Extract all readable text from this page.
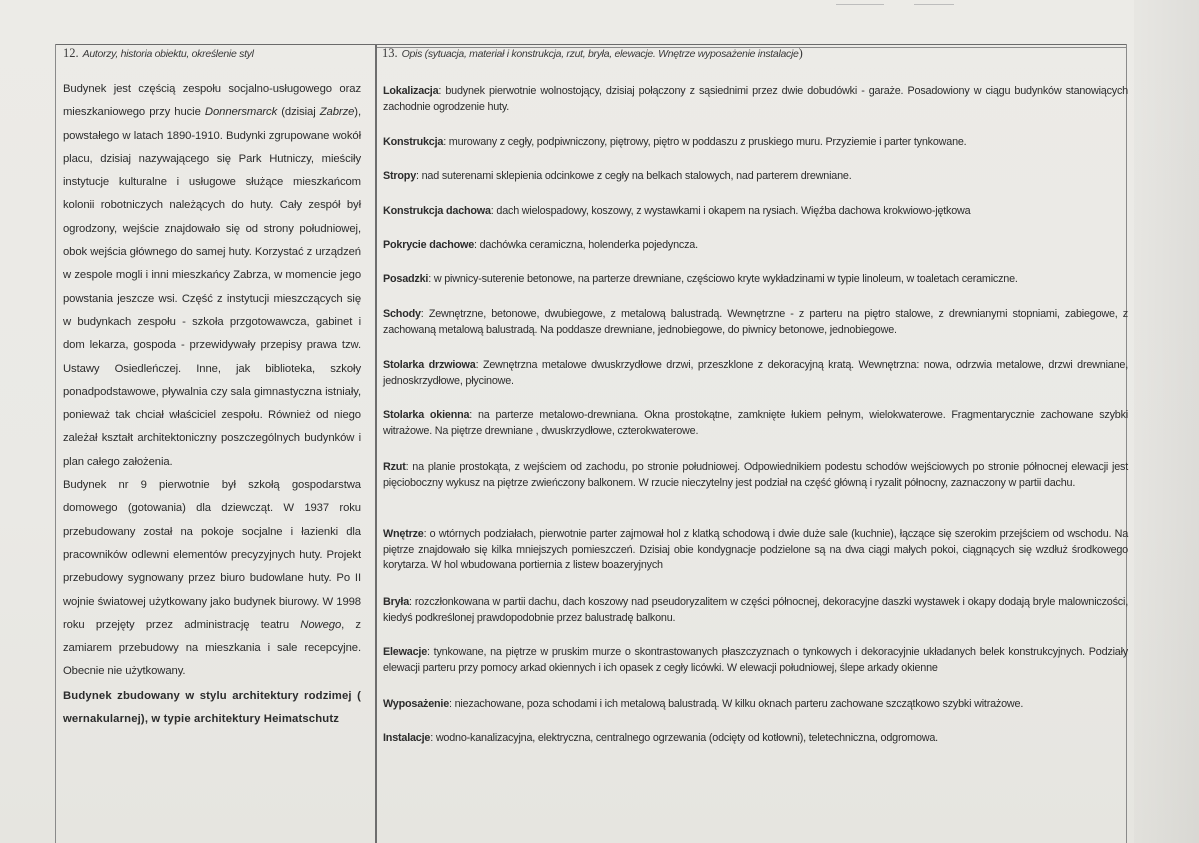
12. Autorzy, historia obiektu, określenie styl	13. Opis (sytuacja, materiał i konstrukcja, rzut, bryła, elewacje. Wnętrze wyposażenie instalacje)

Budynek jest częścią zespołu socjalno-usługowego oraz mieszkaniowego przy hucie Donnersmarck (dzisiaj Zabrze), powstałego w latach 1890-1910. Budynki zgrupowane wokół placu, dzisiaj nazywającego się Park Hutniczy, mieściły instytucje kulturalne i usługowe służące mieszkańcom kolonii robotniczych należących do huty. Cały zespół był ogrodzony, wejście znajdowało się od strony południowej, obok wejścia głównego do samej huty. Korzystać z urządzeń w zespole mogli i inni mieszkańcy Zabrza, w momencie jego powstania jeszcze wsi. Część z instytucji mieszczących się w budynkach zespołu - szkoła przgotowawcza, gabinet i dom lekarza, gospoda - przewidywały przepisy prawa tzw. Ustawy Osiedleńczej. Inne, jak biblioteka, szkoły ponadpodstawowe, pływalnia czy sala gimnastyczna istniały, ponieważ tak chciał właściciel zespołu. Również od niego zależał kształt architektoniczny poszczególnych budynków i plan całego założenia.

Budynek nr 9 pierwotnie był szkołą gospodarstwa domowego (gotowania) dla dziewcząt. W 1937 roku przebudowany został na pokoje socjalne i łazienki dla pracowników odlewni elementów precyzyjnych huty. Projekt przebudowy sygnowany przez biuro budowlane huty. Po II wojnie światowej użytkowany jako budynek biurowy. W 1998 roku przejęty przez administrację teatru Nowego, z zamiarem przebudowy na mieszkania i sale recepcyjne. Obecnie nie użytkowany.

Budynek zbudowany w stylu architektury rodzimej ( wernakularnej), w typie architektury Heimatschutz

Lokalizacja: budynek pierwotnie wolnostojący, dzisiaj połączony z sąsiednimi przez dwie dobudówki - garaże. Posadowiony w ciągu budynków stanowiących zachodnie ogrodzenie huty.
Konstrukcja: murowany z cegły, podpiwniczony, piętrowy, piętro w poddaszu z pruskiego muru. Przyziemie i parter tynkowane.
Stropy: nad suterenami sklepienia odcinkowe z cegły na belkach stalowych, nad parterem drewniane.
Konstrukcja dachowa: dach wielospadowy, koszowy, z wystawkami i okapem na rysiach. Więźba dachowa krokwiowo-jętkowa
Pokrycie dachowe: dachówka ceramiczna, holenderka pojedyncza.
Posadzki: w piwnicy-suterenie betonowe, na parterze drewniane, częściowo kryte wykładzinami w typie linoleum, w toaletach ceramiczne.
Schody: Zewnętrzne, betonowe, dwubiegowe, z metalową balustradą. Wewnętrzne - z parteru na piętro stalowe, z drewnianymi stopniami, zabiegowe, z zachowaną metalową balustradą. Na poddasze drewniane, jednobiegowe, do piwnicy betonowe, jednobiegowe.
Stolarka drzwiowa: Zewnętrzna metalowe dwuskrzydłowe drzwi, przeszklone z dekoracyjną kratą. Wewnętrzna: nowa, odrzwia metalowe, drzwi drewniane, jednoskrzydłowe, płycinowe.
Stolarka okienna: na parterze metalowo-drewniana. Okna prostokątne, zamknięte łukiem pełnym, wielokwaterowe. Fragmentarycznie zachowane szybki witrażowe. Na piętrze drewniane , dwuskrzydłowe, czterokwaterowe.
Rzut: na planie prostokąta, z wejściem od zachodu, po stronie południowej. Odpowiednikiem podestu schodów wejściowych po stronie północnej elewacji jest pięcioboczny wykusz na piętrze zwieńczony balkonem. W rzucie nieczytelny jest podział na część główną i ryzalit północny, zaznaczony w partii dachu.
Wnętrze: o wtórnych podziałach, pierwotnie parter zajmował hol z klatką schodową i dwie duże sale (kuchnie), łączące się szerokim przejściem od wschodu. Na piętrze znajdowało się kilka mniejszych pomieszczeń. Dzisiaj obie kondygnacje podzielone są na dwa ciągi małych pokoi, ciągnących się wzdłuż środkowego korytarza. W hol wbudowana portiernia z listew boazeryjnych
Bryła: rozczłonkowana w partii dachu, dach koszowy nad pseudoryzalitem w części północnej, dekoracyjne daszki wystawek i okapy dodają bryle malowniczości, kiedyś podkreślonej prawdopodobnie przez balustradę balkonu.
Elewacje: tynkowane, na piętrze w pruskim murze o skontrastowanych płaszczyznach o tynkowych i dekoracyjnie układanych belek konstrukcyjnych. Podziały elewacji parteru przy pomocy arkad okiennych i ich opasek z cegły licówki. W elewacji południowej, ślepe arkady okienne
Wyposażenie: niezachowane, poza schodami i ich metalową balustradą. W kilku oknach parteru zachowane szczątkowo szybki witrażowe.
Instalacje: wodno-kanalizacyjna, elektryczna, centralnego ogrzewania (odcięty od kotłowni), teletechniczna, odgromowa.
